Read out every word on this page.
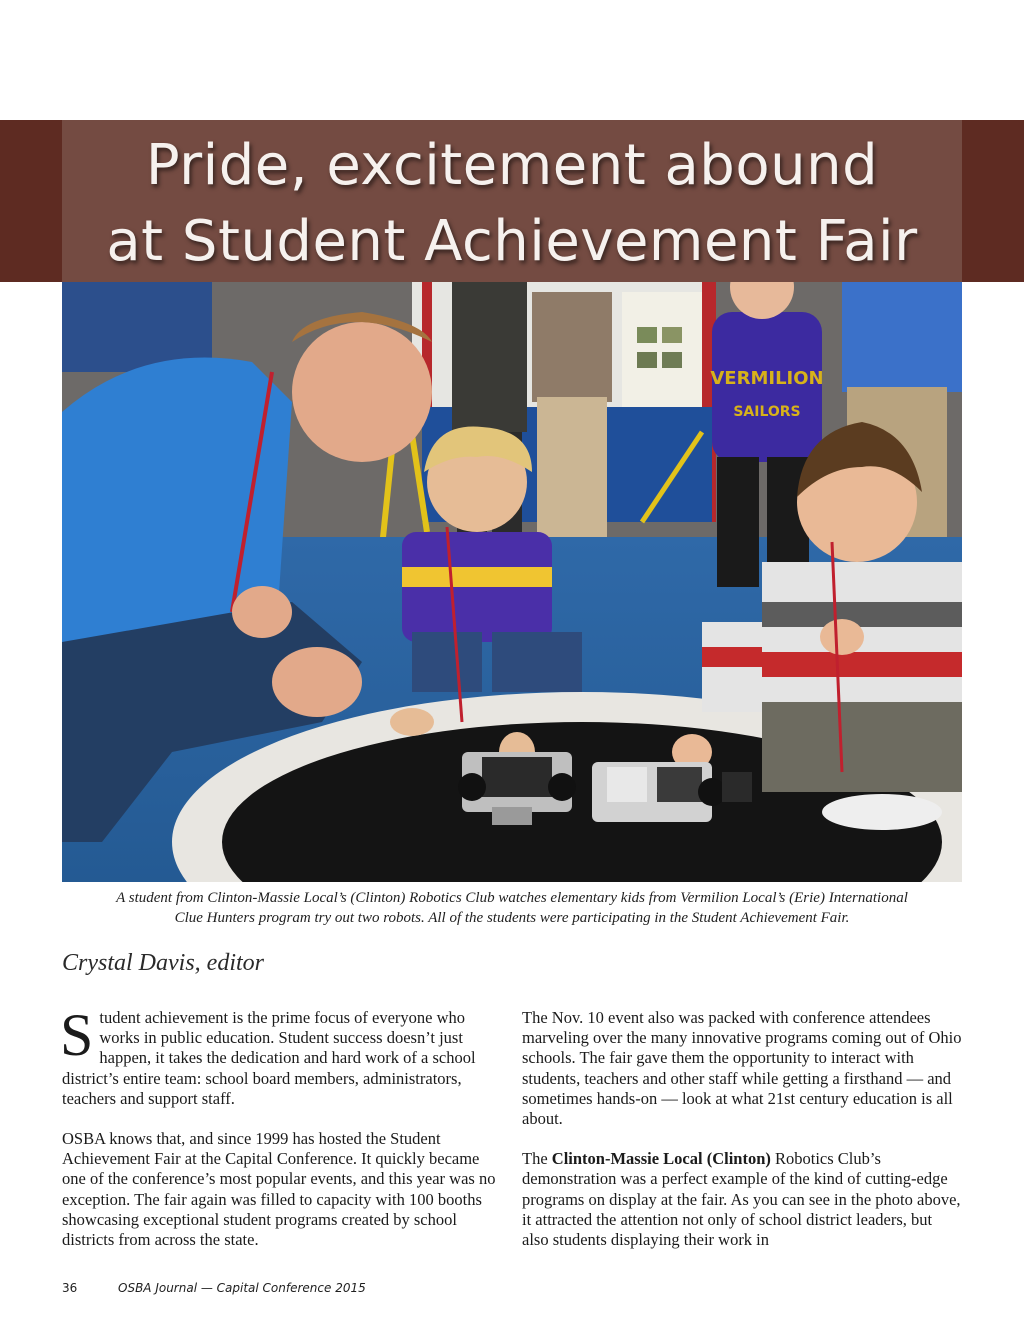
Pride, excitement abound
at Student Achievement Fair
VERMILION
SAILORS

A student from Clinton-Massie Local’s (Clinton) Robotics Club watches elementary kids from Vermilion Local’s (Erie) International
Clue Hunters program try out two robots. All of the students were participating in the Student Achievement Fair.

Crystal Davis, editor

Student achievement is the prime focus of everyone who works in public education. Student success doesn’t just happen, it takes the dedication and hard work of a school district’s entire team: school board members, administrators, teachers and support staff.

OSBA knows that, and since 1999 has hosted the Student Achievement Fair at the Capital Conference. It quickly became one of the conference’s most popular events, and this year was no exception. The fair again was filled to capacity with 100 booths showcasing exceptional student programs created by school districts from across the state.

The Nov. 10 event also was packed with conference attendees marveling over the many innovative programs coming out of Ohio schools. The fair gave them the opportunity to interact with students, teachers and other staff while getting a firsthand — and sometimes hands-on — look at what 21st century education is all about.

The Clinton-Massie Local (Clinton) Robotics Club’s demonstration was a perfect example of the kind of cutting-edge programs on display at the fair. As you can see in the photo above, it attracted the attention not only of school district leaders, but also students displaying their work in

36	OSBA Journal — Capital Conference 2015
